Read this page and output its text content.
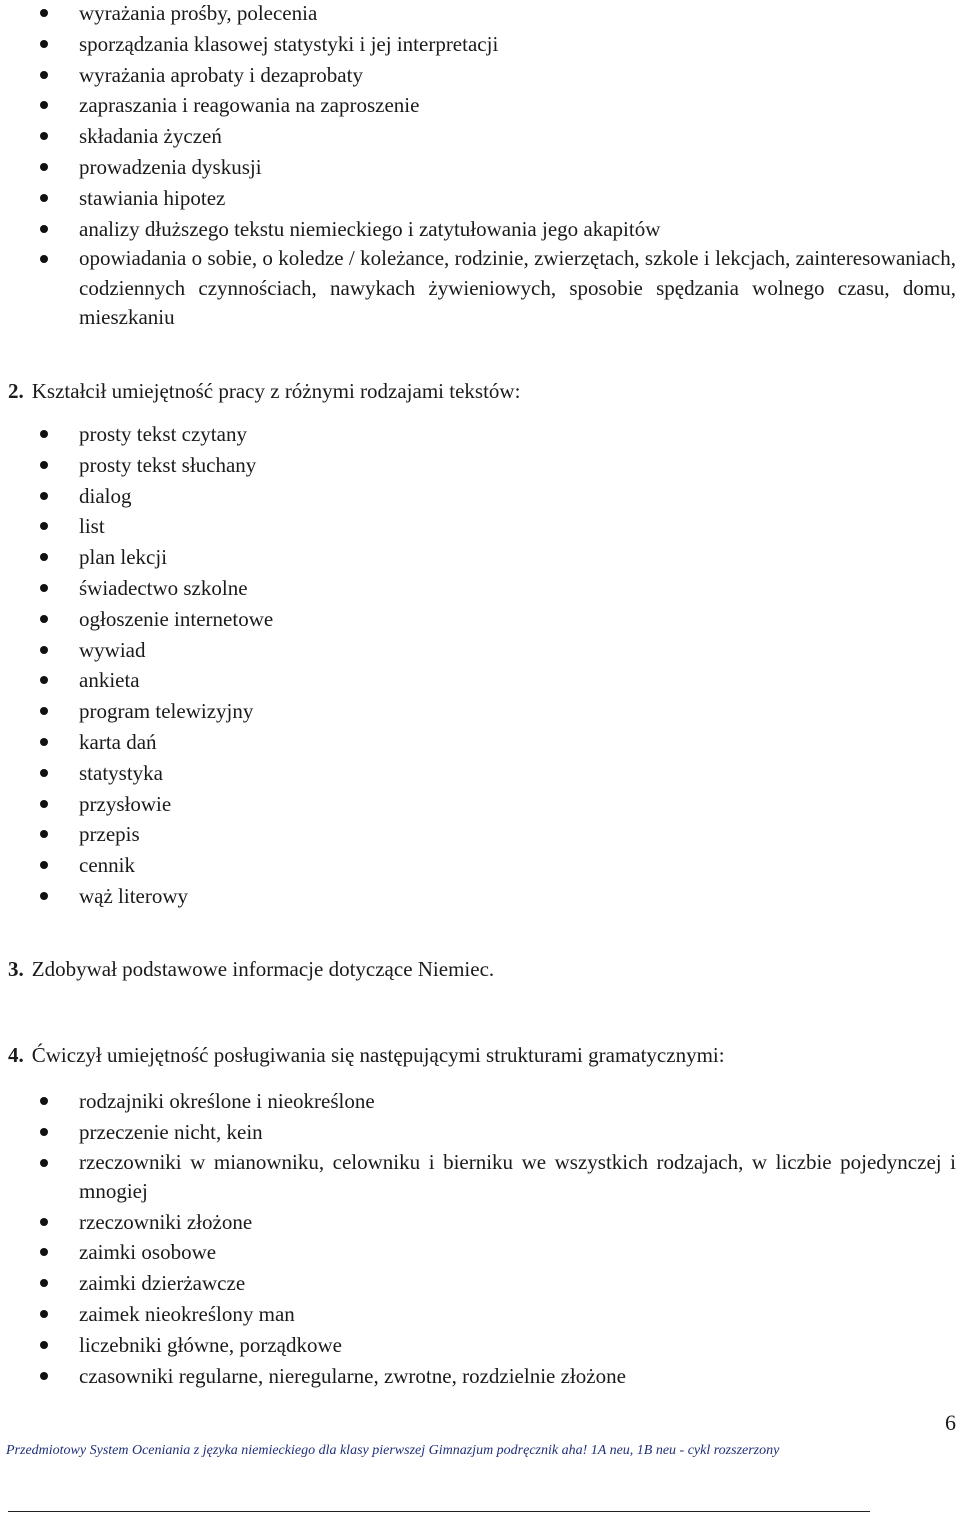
wyrażania prośby, polecenia
sporządzania klasowej statystyki i jej interpretacji
wyrażania aprobaty i dezaprobaty
zapraszania i reagowania na zaproszenie
składania życzeń
prowadzenia dyskusji
stawiania hipotez
analizy dłuższego tekstu niemieckiego i zatytułowania jego akapitów
opowiadania o sobie, o koledze / koleżance, rodzinie, zwierzętach, szkole i lekcjach, zainteresowaniach, codziennych czynnościach, nawykach żywieniowych, sposobie spędzania wolnego czasu, domu, mieszkaniu
2. Kształcił umiejętność pracy z różnymi rodzajami tekstów:
prosty tekst czytany
prosty tekst słuchany
dialog
list
plan lekcji
świadectwo szkolne
ogłoszenie internetowe
wywiad
ankieta
program telewizyjny
karta dań
statystyka
przysłowie
przepis
cennik
wąż literowy
3. Zdobywał podstawowe informacje dotyczące Niemiec.
4. Ćwiczył umiejętność posługiwania się następującymi strukturami gramatycznymi:
rodzajniki określone i nieokreślone
przeczenie nicht, kein
rzeczowniki w mianowniku, celowniku i bierniku we wszystkich rodzajach, w liczbie pojedynczej i mnogiej
rzeczowniki złożone
zaimki osobowe
zaimki dzierżawcze
zaimek nieokreślony man
liczebniki główne, porządkowe
czasowniki regularne, nieregularne, zwrotne, rozdzielnie złożone
6
Przedmiotowy System Oceniania z języka niemieckiego dla klasy pierwszej Gimnazjum podręcznik aha! 1A neu, 1B neu - cykl rozszerzony
